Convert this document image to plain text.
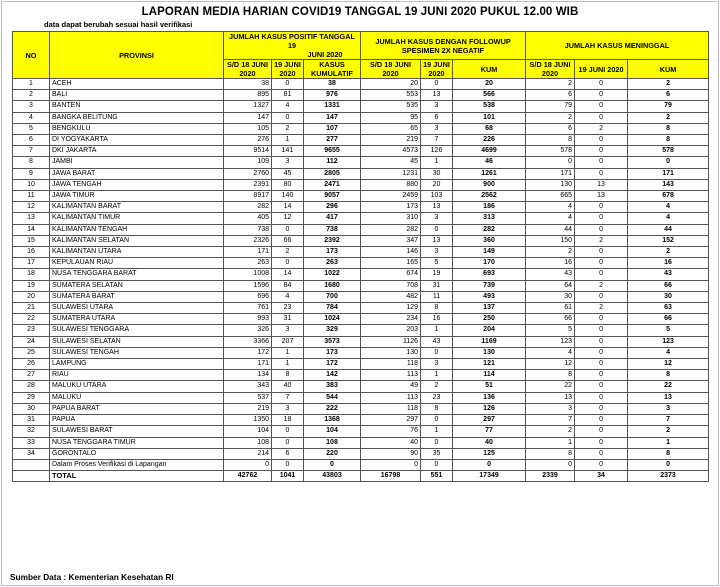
LAPORAN MEDIA HARIAN COVID19 TANGGAL 19 JUNI 2020 PUKUL 12.00 WIB
data dapat berubah sesuai hasil verifikasi
NO	PROVINSI	JUMLAH KASUS POSITIF TANGGAL 19
JUNI 2020			JUMLAH KASUS DENGAN FOLLOWUP SPESIMEN 2X NEGATIF			JUMLAH KASUS MENINGGAL		
		S/D 18 JUNI 2020	19 JUNI 2020	KASUS KUMULATIF	S/D 18 JUNI 2020	19 JUNI 2020	KUM	S/D 18 JUNI 2020	19 JUNI 2020	KUM
1	ACEH	38	0	38	20	0	20	2	0	2
2	BALI	895	81	976	553	13	566	6	0	6
3	BANTEN	1327	4	1331	535	3	538	79	0	79
4	BANGKA BELITUNG	147	0	147	95	6	101	2	0	2
5	BENGKULU	105	2	107	65	3	68	6	2	8
6	DI YOGYAKARTA	276	1	277	219	7	226	8	0	8
7	DKI JAKARTA	9514	141	9655	4573	126	4699	578	0	578
8	JAMBI	109	3	112	45	1	46	0	0	0
9	JAWA BARAT	2760	45	2805	1231	30	1261	171	0	171
10	JAWA TENGAH	2391	80	2471	880	20	900	130	13	143
11	JAWA TIMUR	8917	140	9057	2459	103	2562	665	13	678
12	KALIMANTAN BARAT	282	14	296	173	13	186	4	0	4
13	KALIMANTAN TIMUR	405	12	417	310	3	313	4	0	4
14	KALIMANTAN TENGAH	738	0	738	282	0	282	44	0	44
15	KALIMANTAN SELATAN	2326	66	2392	347	13	360	150	2	152
16	KALIMANTAN UTARA	171	2	173	146	3	149	2	0	2
17	KEPULAUAN RIAU	263	0	263	165	5	170	16	0	16
18	NUSA TENGGARA BARAT	1008	14	1022	674	19	693	43	0	43
19	SUMATERA SELATAN	1596	84	1680	708	31	739	64	2	66
20	SUMATERA BARAT	696	4	700	482	11	493	30	0	30
21	SULAWESI UTARA	761	23	784	129	8	137	61	2	63
22	SUMATERA UTARA	993	31	1024	234	16	250	66	0	66
23	SULAWESI TENGGARA	326	3	329	203	1	204	5	0	5
24	SULAWESI SELATAN	3366	207	3573	1126	43	1169	123	0	123
25	SULAWESI TENGAH	172	1	173	130	0	130	4	0	4
26	LAMPUNG	171	1	172	118	3	121	12	0	12
27	RIAU	134	8	142	113	1	114	8	0	8
28	MALUKU UTARA	343	40	383	49	2	51	22	0	22
29	MALUKU	537	7	544	113	23	136	13	0	13
30	PAPUA BARAT	219	3	222	118	8	126	3	0	3
31	PAPUA	1350	18	1368	297	0	297	7	0	7
32	SULAWESI BARAT	104	0	104	76	1	77	2	0	2
33	NUSA TENGGARA TIMUR	108	0	108	40	0	40	1	0	1
34	GORONTALO	214	6	220	90	35	125	8	0	8
	Dalam Proses Verifikasi di Lapangan	0	0	0	0	0	0	0	0	0
	TOTAL	42762	1041	43803	16798	551	17349	2339	34	2373
Sumber Data : Kementerian Kesehatan RI
